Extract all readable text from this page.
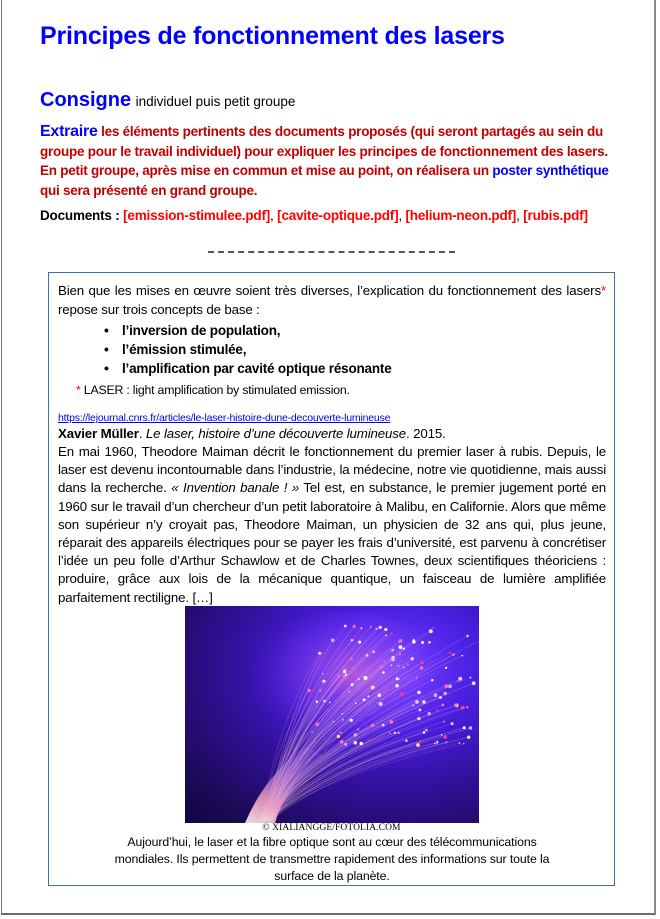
Principes de fonctionnement des lasers
Consigne individuel puis petit groupe
Extraire les éléments pertinents des documents proposés (qui seront partagés au sein du groupe pour le travail individuel) pour expliquer les principes de fonctionnement des lasers. En petit groupe, après mise en commun et mise au point, on réalisera un poster synthétique qui sera présenté en grand groupe.
Documents : [emission-stimulee.pdf], [cavite-optique.pdf], [helium-neon.pdf], [rubis.pdf]
Bien que les mises en œuvre soient très diverses, l’explication du fonctionnement des lasers* repose sur trois concepts de base :
• l’inversion de population,
• l’émission stimulée,
• l’amplification par cavité optique résonante
* LASER : light amplification by stimulated emission.
https://lejournal.cnrs.fr/articles/le-laser-histoire-dune-decouverte-lumineuse
Xavier Müller. Le laser, histoire d’une découverte lumineuse. 2015.
En mai 1960, Theodore Maiman décrit le fonctionnement du premier laser à rubis. Depuis, le laser est devenu incontournable dans l’industrie, la médecine, notre vie quotidienne, mais aussi dans la recherche. « Invention banale ! » Tel est, en substance, le premier jugement porté en 1960 sur le travail d’un chercheur d’un petit laboratoire à Malibu, en Californie. Alors que même son supérieur n’y croyait pas, Theodore Maiman, un physicien de 32 ans qui, plus jeune, réparait des appareils électriques pour se payer les frais d’université, est parvenu à concrétiser l’idée un peu folle d’Arthur Schawlow et de Charles Townes, deux scientifiques théoriciens : produire, grâce aux lois de la mécanique quantique, un faisceau de lumière amplifiée parfaitement rectiligne. […]
© XIALIANGGE/FOTOLIA.COM
Aujourd’hui, le laser et la fibre optique sont au cœur des télécommunications mondiales. Ils permettent de transmettre rapidement des informations sur toute la surface de la planète.
